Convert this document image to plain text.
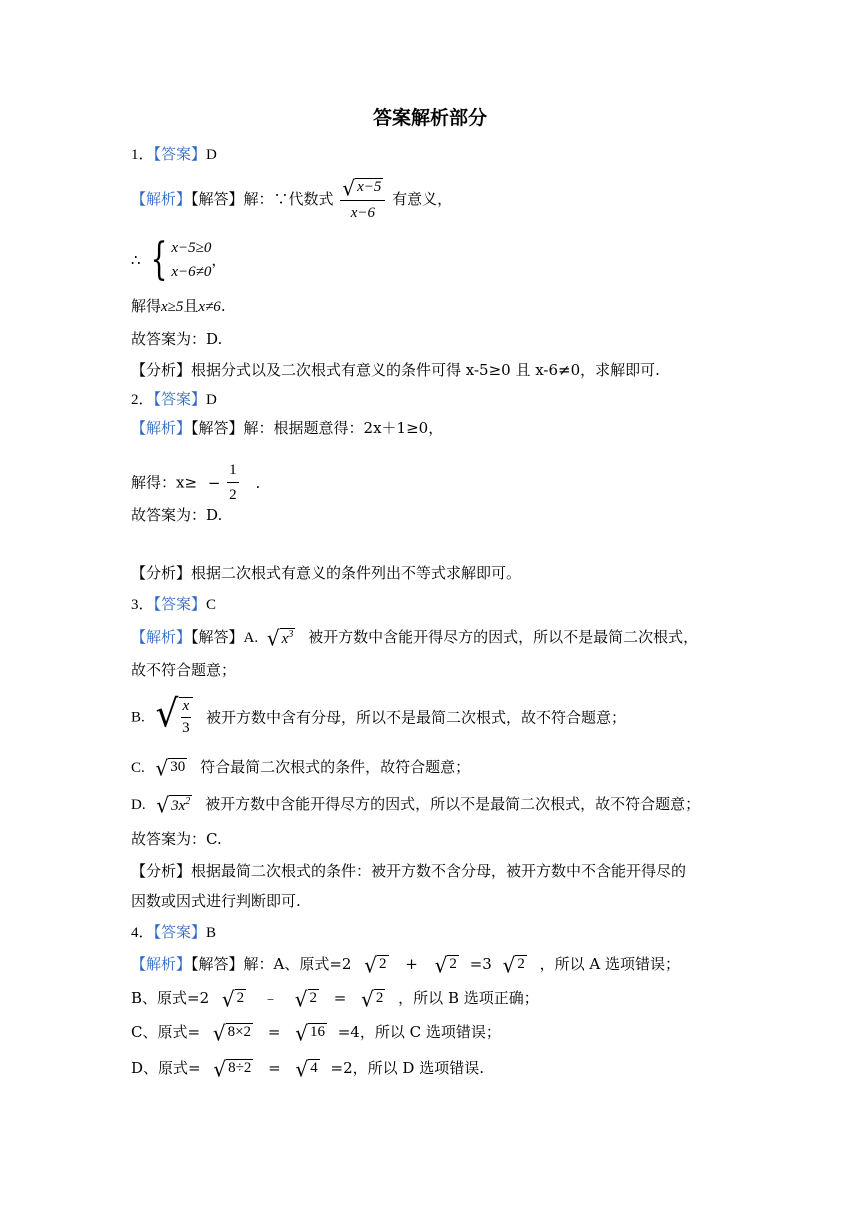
答案解析部分
1．【答案】D
【解析】【解答】解：∵代数式 $\frac{√ x-5}{x-6}$ 有意义，
∴ { x−5≥0
x−6≠0
，
解得x≥5且x≠6.
故答案为：D.
【分析】根据分式以及二次根式有意义的条件可得 x-5≥0 且 x-6≠0，求解即可.
2．【答案】D
【解析】【解答】解：根据题意得：2x＋1≥0，
解得：$x\ge - \frac{1}{2}$ .
故答案为：D.
【分析】根据二次根式有意义的条件列出不等式求解即可。
3．【答案】C
【解析】【解答】A. √ $x^3$ 被开方数中含能开得尽方的因式，所以不是最简二次根式，
故不符合题意；
B. √ $\frac{x}{3}$ 被开方数中含有分母，所以不是最简二次根式，故不符合题意；
C. √ 30 符合最简二次根式的条件，故符合题意；
D. √ $3x^2$ 被开方数中含能开得尽方的因式，所以不是最简二次根式，故不符合题意；
故答案为：C.
【分析】根据最简二次根式的条件：被开方数不含分母，被开方数中不含能开得尽的
因数或因式进行判断即可.
4．【答案】B
【解析】【解答】解：A、原式=2 √ 2 + √ 2 =3 √ 2 ，所以 A 选项错误；
B、原式=2 √ 2 ﹣ √ 2 = √ 2 ，所以 B 选项正确；
C、原式= √ 8×2 = √ 16 =4，所以 C 选项错误；
D、原式= √ 8÷2 = √ 4 =2，所以 D 选项错误.
